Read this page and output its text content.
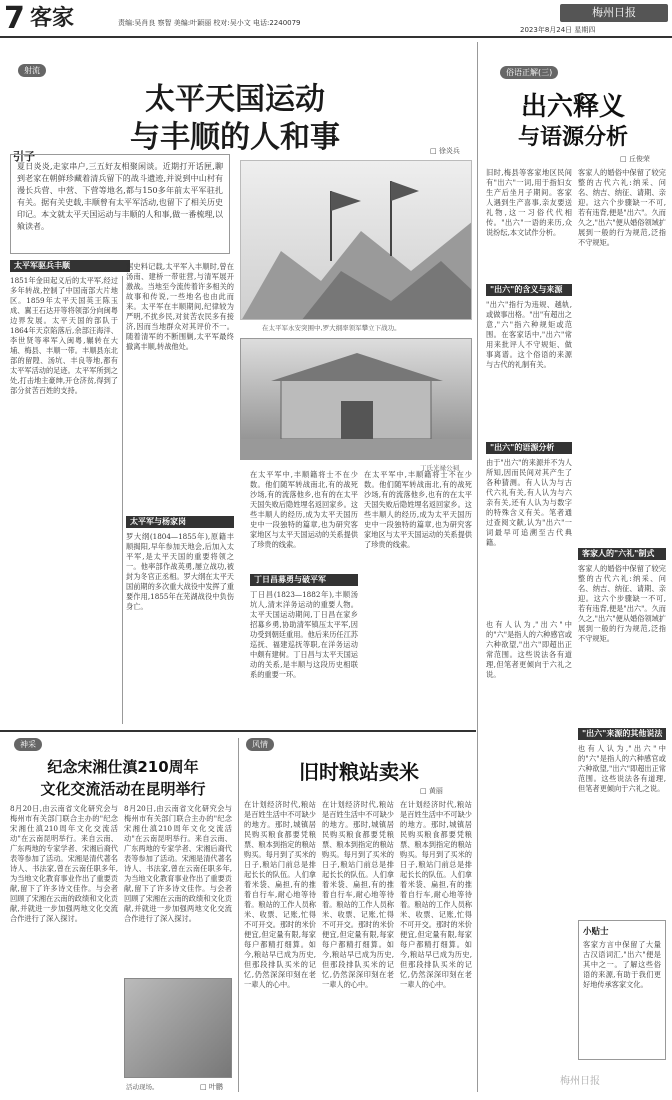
7 客家	责编:吴肖良 察智 美编:叶颖丽 校对:吴小文 电话:2240079
梅州日报
2023年8月24日 星期四
射流
太平天国运动
与丰顺的人和事	□ 徐炎兵
引子
夏日炎炎,走家串户,三五好友相聚闲谈。近期打开话匣,聊到老家在朝鲜珍藏着清兵留下的战斗遗迹,并说到中山村有漫长兵营、中营、下营等地名,都与150多年前太平军驻扎有关。据有关史载,丰顺曾有太平军活动,也留下了相关历史印记。本文就太平天国运动与丰顺的人和事,做一番梳理,以飨读者。
在太平军永安突围中,罗大纲率领军攀立下战功。
丁氏光禄公祠
太平军驱兵丰顺
1851年金田起义后的太平军,经过多年转战,控制了中国南部大片地区。1859年太平天国英王陈玉成、翼王石达开等将领部分向闽粤边界发展。太平天国的部队于1864年天京陷落后,余部汪海洋、李世贤等率军入闽粤,辗转在大埔、梅县、丰顺一带。丰顺县东北部的留隍、汤坑、丰良等地,都有太平军活动的足迹。太平军所到之处,打击地主豪绅,开仓济贫,得到了部分贫苦百姓的支持。
据史料记载,太平军入丰顺时,曾在汤南、建桥一带驻营,与清军展开激战。当地至今流传着许多相关的故事和传说,一些地名也由此而来。太平军在丰顺期间,纪律较为严明,不扰乡民,对贫苦农民多有接济,因而当地群众对其评价不一。随着清军的不断围剿,太平军最终撤离丰顺,转战他处。
太平军与杨家岗
罗大纲(1804—1855年),原籍丰顺揭阳,早年参加天地会,后加入太平军,是太平天国的重要将领之一。他率部作战英勇,屡立战功,被封为冬官正丞相。罗大纲在太平天国前期的多次重大战役中发挥了重要作用,1855年在芜湖战役中负伤身亡。
在太平军中,丰顺籍将士不在少数。他们随军转战南北,有的战死沙场,有的流落他乡,也有的在太平天国失败后隐姓埋名返回家乡。这些丰顺人的经历,成为太平天国历史中一段独特的篇章,也为研究客家地区与太平天国运动的关系提供了珍贵的线索。
丁日昌募勇与破平军
丁日昌(1823—1882年),丰顺汤坑人,清末洋务运动的重要人物。太平天国运动期间,丁日昌在家乡招募乡勇,协助清军镇压太平军,因功受到朝廷重用。他后来历任江苏巡抚、福建巡抚等职,在洋务运动中颇有建树。丁日昌与太平天国运动的关系,是丰顺与这段历史相联系的重要一环。
在太平军中,丰顺籍将士不在少数。他们随军转战南北,有的战死沙场,有的流落他乡,也有的在太平天国失败后隐姓埋名返回家乡。这些丰顺人的经历,成为太平天国历史中一段独特的篇章,也为研究客家地区与太平天国运动的关系提供了珍贵的线索。
俗语正解(三)
出六释义
与语源分析
□ 丘俊荣
旧时,梅县等客家地区民间有"出六"一词,用于指妇女生产后坐月子期间。客家人遇到生产喜事,亲友要送礼物,这一习俗代代相传。"出六"一语的来历,众说纷纭,本文试作分析。
"出六"的含义与来源
"出六"指行为违规、越轨,或做事出格。"出"有超出之意,"六"指六种规矩或范围。在客家话中,"出六"常用来批评人不守规矩、做事离谱。这个俗语的来源与古代的礼制有关。
"出六"的语源分析
由于"出六"的来源并不为人所知,因而民间对其产生了各种猜测。有人认为与古代六礼有关,有人认为与六亲有关,还有人认为与数字的特殊含义有关。笔者通过查阅文献,认为"出六"一词最早可追溯至古代典籍。
客家人的婚俗中保留了较完整的古代六礼:纳采、问名、纳吉、纳征、请期、亲迎。这六个步骤缺一不可,若有违背,便是"出六"。久而久之,"出六"便从婚俗领域扩展到一般的行为规范,泛指不守规矩。
客家人的"六礼"制式
客家人的婚俗中保留了较完整的古代六礼:纳采、问名、纳吉、纳征、请期、亲迎。这六个步骤缺一不可,若有违背,便是"出六"。久而久之,"出六"便从婚俗领域扩展到一般的行为规范,泛指不守规矩。
"出六"来源的其他说法
也有人认为,"出六"中的"六"是指人的六种感官或六种欲望,"出六"即超出正常范围。这些说法各有道理,但笔者更倾向于六礼之说。
也有人认为,"出六"中的"六"是指人的六种感官或六种欲望,"出六"即超出正常范围。这些说法各有道理,但笔者更倾向于六礼之说。
小贴士
客家方言中保留了大量古汉语词汇,"出六"便是其中之一。了解这些俗语的来源,有助于我们更好地传承客家文化。
神采
纪念宋湘仕滇210周年
文化交流活动在昆明举行
8月20日,由云南省文化研究会与梅州市有关部门联合主办的"纪念宋湘仕滇210周年文化交流活动"在云南昆明举行。来自云南、广东两地的专家学者、宋湘后裔代表等参加了活动。宋湘是清代著名诗人、书法家,曾在云南任职多年,为当地文化教育事业作出了重要贡献,留下了许多诗文佳作。与会者回顾了宋湘在云南的政绩和文化贡献,并就进一步加强两地文化交流合作进行了深入探讨。
8月20日,由云南省文化研究会与梅州市有关部门联合主办的"纪念宋湘仕滇210周年文化交流活动"在云南昆明举行。来自云南、广东两地的专家学者、宋湘后裔代表等参加了活动。宋湘是清代著名诗人、书法家,曾在云南任职多年,为当地文化教育事业作出了重要贡献,留下了许多诗文佳作。与会者回顾了宋湘在云南的政绩和文化贡献,并就进一步加强两地文化交流合作进行了深入探讨。
活动现场。	□ 叶鹏
风情
旧时粮站卖米
□ 黄丽
在计划经济时代,粮站是百姓生活中不可缺少的地方。那时,城镇居民购买粮食都要凭粮票、粮本到指定的粮站购买。每月到了买米的日子,粮站门前总是排起长长的队伍。人们拿着米袋、扁担,有的推着自行车,耐心地等待着。粮站的工作人员称米、收票、记账,忙得不可开交。那时的米价便宜,但定量有限,每家每户都精打细算。如今,粮站早已成为历史,但那段排队买米的记忆,仍然深深印刻在老一辈人的心中。
在计划经济时代,粮站是百姓生活中不可缺少的地方。那时,城镇居民购买粮食都要凭粮票、粮本到指定的粮站购买。每月到了买米的日子,粮站门前总是排起长长的队伍。人们拿着米袋、扁担,有的推着自行车,耐心地等待着。粮站的工作人员称米、收票、记账,忙得不可开交。那时的米价便宜,但定量有限,每家每户都精打细算。如今,粮站早已成为历史,但那段排队买米的记忆,仍然深深印刻在老一辈人的心中。
在计划经济时代,粮站是百姓生活中不可缺少的地方。那时,城镇居民购买粮食都要凭粮票、粮本到指定的粮站购买。每月到了买米的日子,粮站门前总是排起长长的队伍。人们拿着米袋、扁担,有的推着自行车,耐心地等待着。粮站的工作人员称米、收票、记账,忙得不可开交。那时的米价便宜,但定量有限,每家每户都精打细算。如今,粮站早已成为历史,但那段排队买米的记忆,仍然深深印刻在老一辈人的心中。
梅州日报
